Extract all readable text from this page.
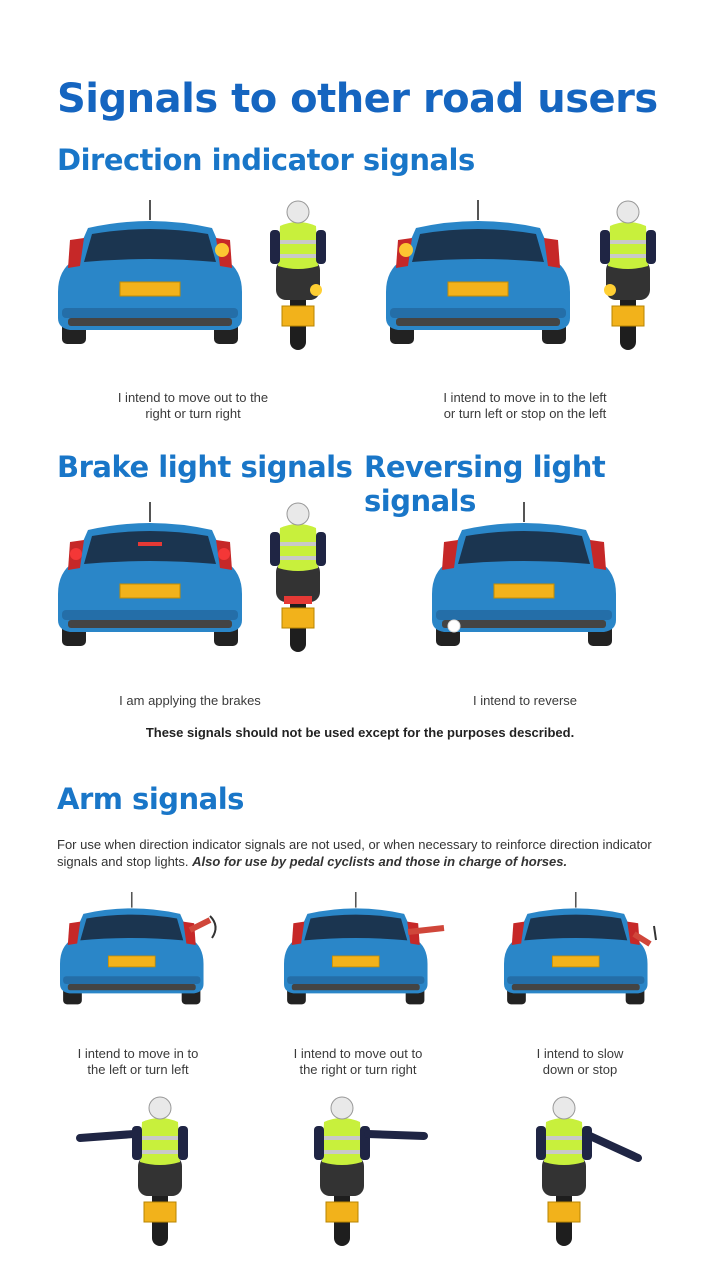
Signals to other road users
Direction indicator signals
I intend to move out to the
right or turn right
I intend to move in to the left
or turn left or stop on the left
Brake light signals Reversing light signals
I am applying the brakes	I intend to reverse
These signals should not be used except for the purposes described.
Arm signals
For use when direction indicator signals are not used, or when necessary to reinforce direction indicator signals and stop lights. Also for use by pedal cyclists and those in charge of horses.
I intend to move in to
the left or turn left
I intend to move out to
the right or turn right
I intend to slow
down or stop
